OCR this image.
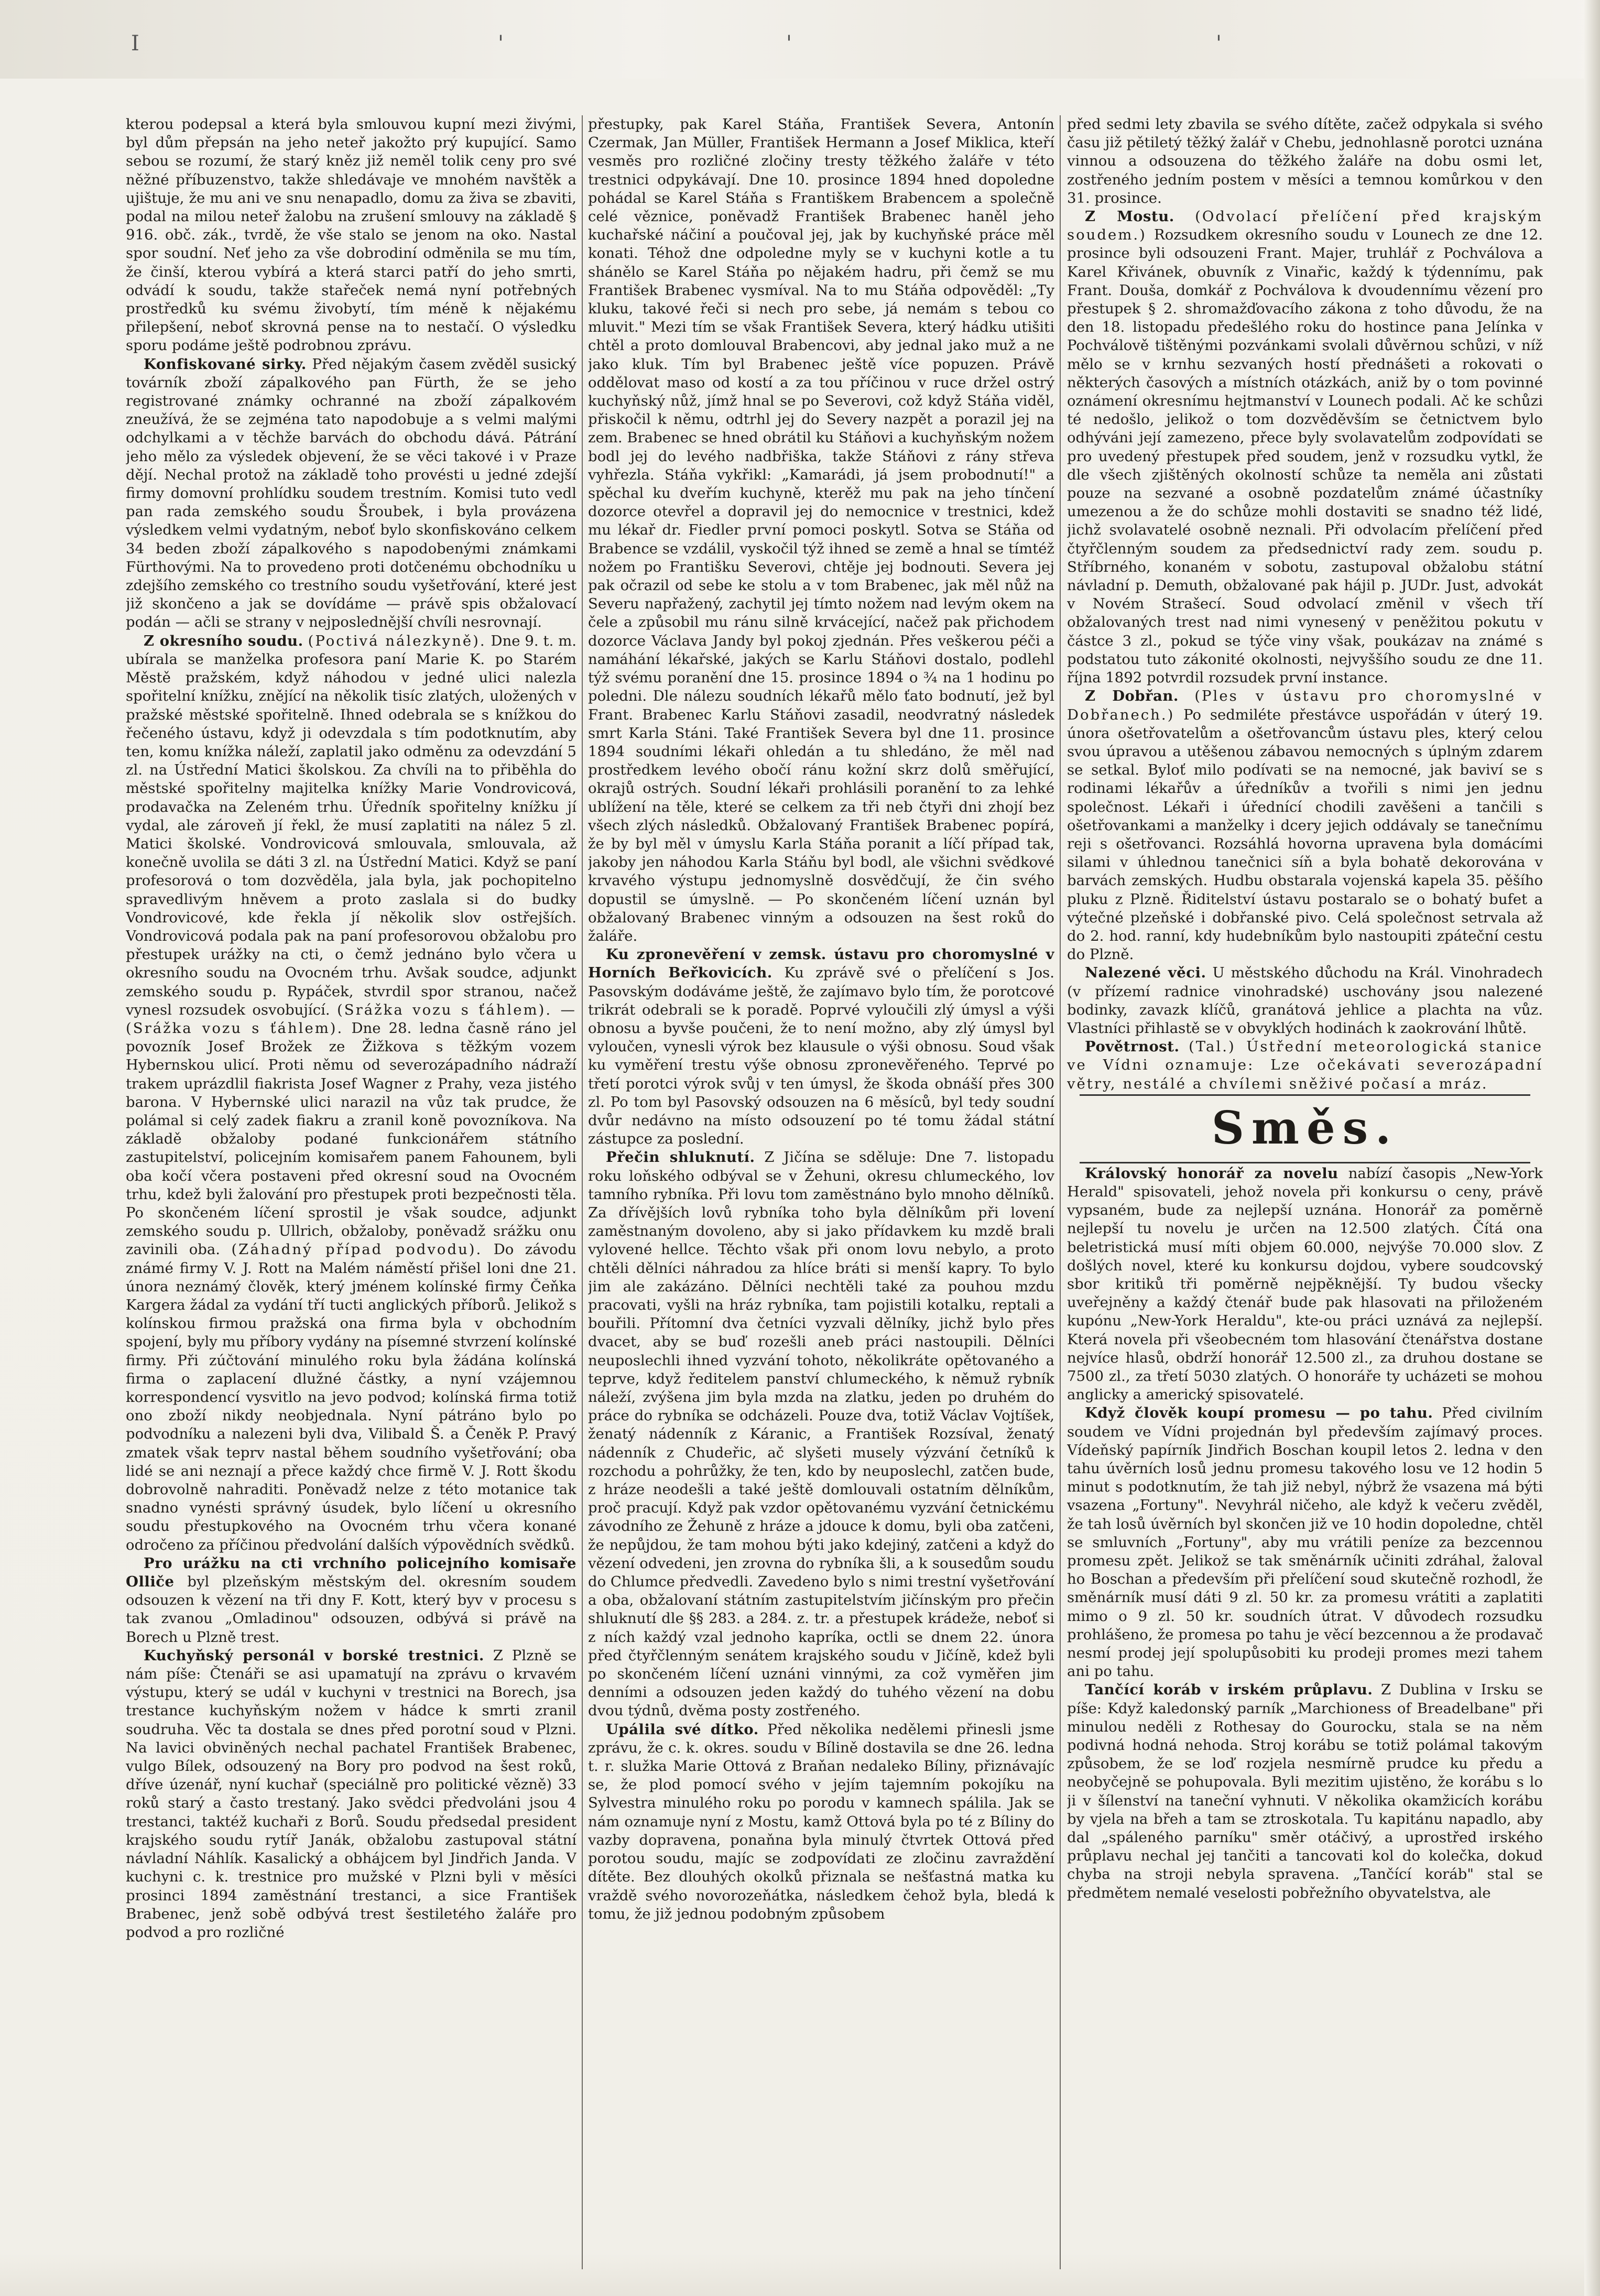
I	'	'	'

kterou podepsal a která byla smlouvou kupní mezi živými, byl dům přepsán na jeho neteř jakožto prý kupující. Samo sebou se rozumí, že starý kněz již neměl tolik ceny pro své něžné příbuzenstvo, takže shledávaje ve mnohém navštěk a ujištuje, že mu ani ve snu nenapadlo, domu za živa se zbaviti, podal na milou neteř žalobu na zrušení smlouvy na základě § 916. obč. zák., tvrdě, že vše stalo se jenom na oko. Nastal spor soudní. Neť jeho za vše dobrodiní odměnila se mu tím, že činší, kterou vybírá a která starci patří do jeho smrti, odvádí k soudu, takže stařeček nemá nyní potřebných prostředků ku svému živobytí, tím méně k nějakému přilepšení, neboť skrovná pense na to nestačí. O výsledku sporu podáme ještě podrobnou zprávu.

Konfiskované sirky. Před nějakým časem zvěděl susický továrník zboží zápalkového pan Fürth, že se jeho registrované známky ochranné na zboží zápalkovém zneužívá, že se zejména tato napodobuje a s velmi malými odchylkami a v těchže barvách do obchodu dává. Pátrání jeho mělo za výsledek objevení, že se věci takové i v Praze dějí. Nechal protož na základě toho provésti u jedné zdejší firmy domovní prohlídku soudem trestním. Komisi tuto vedl pan rada zemského soudu Šroubek, i byla provázena výsledkem velmi vydatným, neboť bylo skonfiskováno celkem 34 beden zboží zápalkového s napodobenými známkami Fürthovými. Na to provedeno proti dotčenému obchodníku u zdejšího zemského co trestního soudu vyšetřování, které jest již skončeno a jak se dovídáme — právě spis obžalovací podán — ačli se strany v nejposlednější chvíli nesrovnají.

Z okresního soudu. (Poctivá nálezkyně). Dne 9. t. m. ubírala se manželka profesora paní Marie K. po Starém Městě pražském, když náhodou v jedné ulici nalezla spořitelní knížku, znějící na několik tisíc zlatých, uložených v pražské městské spořitelně. Ihned odebrala se s knížkou do řečeného ústavu, když ji odevzdala s tím podotknutím, aby ten, komu knížka náleží, zaplatil jako odměnu za odevzdání 5 zl. na Ústřední Matici školskou. Za chvíli na to přiběhla do městské spořitelny majitelka knížky Marie Vondrovicová, prodavačka na Zeleném trhu. Úředník spořitelny knížku jí vydal, ale zároveň jí řekl, že musí zaplatiti na nález 5 zl. Matici školské. Vondrovicová smlouvala, smlouvala, až konečně uvolila se dáti 3 zl. na Ústřední Matici. Když se paní profesorová o tom dozvěděla, jala byla, jak pochopitelno spravedlivým hněvem a proto zaslala si do budky Vondrovicové, kde řekla jí několik slov ostřejších. Vondrovicová podala pak na paní profesorovou obžalobu pro přestupek urážky na cti, o čemž jednáno bylo včera u okresního soudu na Ovocném trhu. Avšak soudce, adjunkt zemského soudu p. Rypáček, stvrdil spor stranou, načež vynesl rozsudek osvobující. (Srážka vozu s ťáhlem). — (Srážka vozu s ťáhlem). Dne 28. ledna časně ráno jel povozník Josef Brožek ze Žižkova s těžkým vozem Hybernskou ulicí. Proti němu od severozápadního nádraží trakem uprázdlil fiakrista Josef Wagner z Prahy, veza jistého barona. V Hybernské ulici narazil na vůz tak prudce, že polámal si celý zadek fiakru a zranil koně povozníkova. Na základě obžaloby podané funkcionářem státního zastupitelství, policejním komisařem panem Fahounem, byli oba kočí včera postaveni před okresní soud na Ovocném trhu, kdež byli žalování pro přestupek proti bezpečnosti těla. Po skončeném líčení sprostil je však soudce, adjunkt zemského soudu p. Ullrich, obžaloby, poněvadž srážku onu zavinili oba. (Záhadný případ podvodu). Do závodu známé firmy V. J. Rott na Malém náměstí přišel loni dne 21. února neznámý člověk, který jménem kolínské firmy Čeňka Kargera žádal za vydání tří tucti anglických příborů. Jelikož s kolínskou firmou pražská ona firma byla v obchodním spojení, byly mu příbory vydány na písemné stvrzení kolínské firmy. Při zúčtování minulého roku byla žádána kolínská firma o zaplacení dlužné částky, a nyní vzájemnou korrespondencí vysvitlo na jevo podvod; kolínská firma totiž ono zboží nikdy neobjednala. Nyní pátráno bylo po podvodníku a nalezeni byli dva, Vilibald Š. a Čeněk P. Pravý zmatek však teprv nastal během soudního vyšetřování; oba lidé se ani neznají a přece každý chce firmě V. J. Rott škodu dobrovolně nahraditi. Poněvadž nelze z této motanice tak snadno vynésti správný úsudek, bylo líčení u okresního soudu přestupkového na Ovocném trhu včera konané odročeno za příčinou předvolání dalších výpovědních svědků.

Pro urážku na cti vrchního policejního komisaře Olliče byl plzeňským městským del. okresním soudem odsouzen k vězení na tři dny F. Kott, který byv v procesu s tak zvanou „Omladinou" odsouzen, odbývá si právě na Borech u Plzně trest.

Kuchyňský personál v borské trestnici. Z Plzně se nám píše: Čtenáři se asi upamatují na zprávu o krvavém výstupu, který se udál v kuchyni v trestnici na Borech, jsa trestance kuchyňským nožem v hádce k smrti zranil soudruha. Věc ta dostala se dnes před porotní soud v Plzni. Na lavici obviněných nechal pachatel František Brabenec, vulgo Bílek, odsouzený na Bory pro podvod na šest roků, dříve úzenář, nyní kuchař (speciálně pro politické vězně) 33 roků starý a často trestaný. Jako svědci předvoláni jsou 4 trestanci, taktéž kuchaři z Borů. Soudu předsedal president krajského soudu rytíř Janák, obžalobu zastupoval státní návladní Náhlík. Kasalický a obhájcem byl Jindřich Janda. V kuchyni c. k. trestnice pro mužské v Plzni byli v měsíci prosinci 1894 zaměstnání trestanci, a sice František Brabenec, jenž sobě odbývá trest šestiletého žaláře pro podvod a pro rozličné

přestupky, pak Karel Stáňa, František Severa, Antonín Czermak, Jan Müller, František Hermann a Josef Miklica, kteří vesměs pro rozličné zločiny tresty těžkého žaláře v této trestnici odpykávají. Dne 10. prosince 1894 hned dopoledne pohádal se Karel Stáňa s Františkem Brabencem a společně celé věznice, poněvadž František Brabenec haněl jeho kuchařské náčiní a poučoval jej, jak by kuchyňské práce měl konati. Téhož dne odpoledne myly se v kuchyni kotle a tu shánělo se Karel Stáňa po nějakém hadru, při čemž se mu František Brabenec vysmíval. Na to mu Stáňa odpověděl: „Ty kluku, takové řeči si nech pro sebe, já nemám s tebou co mluvit." Mezi tím se však František Severa, který hádku utišiti chtěl a proto domlouval Brabencovi, aby jednal jako muž a ne jako kluk. Tím byl Brabenec ještě více popuzen. Právě oddělovat maso od kostí a za tou příčinou v ruce držel ostrý kuchyňský nůž, jímž hnal se po Severovi, což když Stáňa viděl, přiskočil k němu, odtrhl jej do Severy nazpět a porazil jej na zem. Brabenec se hned obrátil ku Stáňovi a kuchyňským nožem bodl jej do levého nadbřiška, takže Stáňovi z rány střeva vyhřezla. Stáňa vykřikl: „Kamarádi, já jsem probodnutí!" a spěchal ku dveřím kuchyně, kterěž mu pak na jeho tínčení dozorce otevřel a dopravil jej do nemocnice v trestnici, kdež mu lékař dr. Fiedler první pomoci poskytl. Sotva se Stáňa od Brabence se vzdálil, vyskočil týž ihned se země a hnal se tímtéž nožem po Františku Severovi, chtěje jej bodnouti. Severa jej pak očrazil od sebe ke stolu a v tom Brabenec, jak měl nůž na Severu napřažený, zachytil jej tímto nožem nad levým okem na čele a způsobil mu ránu silně krvácející, načež pak přichodem dozorce Václava Jandy byl pokoj zjednán. Přes veškerou péči a namáhání lékařské, jakých se Karlu Stáňovi dostalo, podlehl týž svému poranění dne 15. prosince 1894 o ¾ na 1 hodinu po poledni. Dle nálezu soudních lékařů mělo ťato bodnutí, jež byl Frant. Brabenec Karlu Stáňovi zasadil, neodvratný následek smrt Karla Stáni. Také František Severa byl dne 11. prosince 1894 soudními lékaři ohledán a tu shledáno, že měl nad prostředkem levého obočí ránu kožní skrz dolů směřující, okrajů ostrých. Soudní lékaři prohlásili poranění to za lehké ublížení na těle, které se celkem za tři neb čtyři dni zhojí bez všech zlých následků. Obžalovaný František Brabenec popírá, že by byl měl v úmyslu Karla Stáňa poranit a líčí případ tak, jakoby jen náhodou Karla Stáňu byl bodl, ale všichni svědkové krvavého výstupu jednomyslně dosvědčují, že čin svého dopustil se úmyslně. — Po skončeném líčení uznán byl obžalovaný Brabenec vinným a odsouzen na šest roků do žaláře.

Ku zpronevěření v zemsk. ústavu pro choromyslné v Horních Beřkovicích. Ku zprávě své o přelíčení s Jos. Pasovským dodáváme ještě, že zajímavo bylo tím, že porotcové trikrát odebrali se k poradě. Poprvé vyloučili zlý úmysl a výši obnosu a byvše poučeni, že to není možno, aby zlý úmysl byl vyloučen, vynesli výrok bez klausule o výši obnosu. Soud však ku vyměření trestu výše obnosu zpronevěřeného. Teprvé po třetí porotci výrok svůj v ten úmysl, že škoda obnáší přes 300 zl. Po tom byl Pasovský odsouzen na 6 měsíců, byl tedy soudní dvůr nedávno na místo odsouzení po té tomu žádal státní zástupce za poslední.

Přečin shluknutí. Z Jičína se sděluje: Dne 7. listopadu roku loňského odbýval se v Žehuni, okresu chlumeckého, lov tamního rybníka. Při lovu tom zaměstnáno bylo mnoho dělníků. Za dřívějších lovů rybníka toho byla dělníkům při lovení zaměstnaným dovoleno, aby si jako přídavkem ku mzdě brali vylovené hellce. Těchto však při onom lovu nebylo, a proto chtěli dělníci náhradou za hlíce bráti si menší kapry. To bylo jim ale zakázáno. Dělníci nechtěli také za pouhou mzdu pracovati, vyšli na hráz rybníka, tam pojistili kotalku, reptali a bouřili. Přítomní dva četníci vyzvali dělníky, jichž bylo přes dvacet, aby se buď rozešli aneb práci nastoupili. Dělníci neuposlechli ihned vyzvání tohoto, několikráte opětovaného a teprve, když ředitelem panství chlumeckého, k němuž rybník náleží, zvýšena jim byla mzda na zlatku, jeden po druhém do práce do rybníka se odcházeli. Pouze dva, totiž Václav Vojtíšek, ženatý nádenník z Káranic, a František Rozsíval, ženatý nádenník z Chudeřic, ač slyšeti musely výzvání četníků k rozchodu a pohrůžky, že ten, kdo by neuposlechl, zatčen bude, z hráze neodešli a také ještě domlouvali ostatním dělníkům, proč pracují. Když pak vzdor opětovanému vyzvání četnickému závodního ze Žehuně z hráze a jdouce k domu, byli oba zatčeni, že nepůjdou, že tam mohou býti jako kdejiný, zatčeni a když do vězení odvedeni, jen zrovna do rybníka šli, a k sousedům soudu do Chlumce předvedli. Zavedeno bylo s nimi trestní vyšetřování a oba, obžalovaní státním zastupitelstvím jičínským pro přečin shluknutí dle §§ 283. a 284. z. tr. a přestupek krádeže, neboť si z ních každý vzal jednoho kapríka, octli se dnem 22. února před čtyřčlenným senátem krajského soudu v Jičíně, kdež byli po skončeném líčení uznáni vinnými, za což vyměřen jim denními a odsouzen jeden každý do tuhého vězení na dobu dvou týdnů, dvěma posty zostřeného.

Upálila své dítko. Před několika nedělemi přinesli jsme zprávu, že c. k. okres. soudu v Bílině dostavila se dne 26. ledna t. r. služka Marie Ottová z Braňan nedaleko Bíliny, přiznávajíc se, že plod pomocí svého v jejím tajemním pokojíku na Sylvestra minulého roku po porodu v kamnech spálila. Jak se nám oznamuje nyní z Mostu, kamž Ottová byla po té z Bíliny do vazby dopravena, ponaňna byla minulý čtvrtek Ottová před porotou soudu, majíc se zodpovídati ze zločinu zavraždění dítěte. Bez dlouhých okolků přiznala se nešťastná matka ku vraždě svého novorozeňátka, následkem čehož byla, bledá k tomu, že již jednou podobným způsobem

před sedmi lety zbavila se svého dítěte, začež odpykala si svého času již pětiletý těžký žalář v Chebu, jednohlasně porotci uznána vinnou a odsouzena do těžkého žaláře na dobu osmi let, zostřeného jedním postem v měsíci a temnou komůrkou v den 31. prosince.

Z Mostu. (Odvolací přelíčení před krajským soudem.) Rozsudkem okresního soudu v Lounech ze dne 12. prosince byli odsouzeni Frant. Majer, truhlář z Pochválova a Karel Křivánek, obuvník z Vinařic, každý k týdennímu, pak Frant. Douša, domkář z Pochválova k dvoudennímu vězení pro přestupek § 2. shromažďovacího zákona z toho důvodu, že na den 18. listopadu předešlého roku do hostince pana Jelínka v Pochválově tištěnými pozvánkami svolali důvěrnou schůzi, v níž mělo se v krnhu sezvaných hostí přednášeti a rokovati o některých časových a místních otázkách, aniž by o tom povinné oznámení okresnímu hejtmanství v Lounech podali. Ač ke schůzi té nedošlo, jelikož o tom dozvěděvším se četnictvem bylo odhýváni její zamezeno, přece byly svolavatelům zodpovídati se pro uvedený přestupek před soudem, jenž v rozsudku vytkl, že dle všech zjištěných okolností schůze ta neměla ani zůstati pouze na sezvané a osobně pozdatelům známé účastníky umezenou a že do schůze mohli dostaviti se snadno též lidé, jichž svolavatelé osobně neznali. Při odvolacím přelíčení před čtyřčlenným soudem za předsednictví rady zem. soudu p. Stříbrného, konaném v sobotu, zastupoval obžalobu státní návladní p. Demuth, obžalované pak hájil p. JUDr. Just, advokát v Novém Strašecí. Soud odvolací změnil v všech tří obžalovaných trest nad nimi vynesený v peněžitou pokutu v částce 3 zl., pokud se týče viny však, poukázav na známé s podstatou tuto zákonité okolnosti, nejvyššího soudu ze dne 11. října 1892 potvrdil rozsudek první instance.

Z Dobřan. (Ples v ústavu pro choromyslné v Dobřanech.) Po sedmiléte přestávce uspořádán v úterý 19. února ošetřovatelům a ošetřovancům ústavu ples, který celou svou úpravou a utěšenou zábavou nemocných s úplným zdarem se setkal. Byloť milo podívati se na nemocné, jak baviví se s rodinami lékařův a úředníkův a tvořili s nimi jen jednu společnost. Lékaři i úřednící chodili zavěšeni a tančili s ošetřovankami a manželky i dcery jejich oddávaly se tanečnímu reji s ošetřovanci. Rozsáhlá hovorna upravena byla domácími silami v úhlednou tanečnici síň a byla bohatě dekorována v barvách zemských. Hudbu obstarala vojenská kapela 35. pěšího pluku z Plzně. Řiditelství ústavu postaralo se o bohatý bufet a výtečné plzeňské i dobřanské pivo. Celá společnost setrvala až do 2. hod. ranní, kdy hudebníkům bylo nastoupiti zpáteční cestu do Plzně.

Nalezené věci. U městského důchodu na Král. Vinohradech (v přízemí radnice vinohradské) uschovány jsou nalezené bodinky, zavazk klíčů, granátová jehlice a plachta na vůz. Vlastníci přihlastě se v obvyklých hodinách k zaokrování lhůtě.

Povětrnost. (Tal.) Ústřední meteorologická stanice ve Vídni oznamuje: Lze očekávati severozápadní větry, nestálé a chvílemi sněživé počasí a mráz.

Směs.

Královský honorář za novelu nabízí časopis „New-York Herald" spisovateli, jehož novela při konkursu o ceny, právě vypsaném, bude za nejlepší uznána. Honorář za poměrně nejlepší tu novelu je určen na 12.500 zlatých. Čítá ona beletristická musí míti objem 60.000, nejvýše 70.000 slov. Z došlých novel, které ku konkursu dojdou, vybere soudcovský sbor kritiků tři poměrně nejpěknější. Ty budou všecky uveřejněny a každý čtenář bude pak hlasovati na přiloženém kupónu „New-York Heraldu", kte-ou práci uznává za nejlepší. Která novela při všeobecném tom hlasování čtenářstva dostane nejvíce hlasů, obdrží honorář 12.500 zl., za druhou dostane se 7500 zl., za třetí 5030 zlatých. O honoráře ty ucházeti se mohou anglicky a americký spisovatelé.

Když člověk koupí promesu — po tahu. Před civilním soudem ve Vídni projednán byl především zajímavý proces. Vídeňský papírník Jindřich Boschan koupil letos 2. ledna v den tahu úvěrních losů jednu promesu takového losu ve 12 hodin 5 minut s podotknutím, že tah již nebyl, nýbrž že vsazena má býti vsazena „Fortuny". Nevyhrál ničeho, ale když k večeru zvěděl, že tah losů úvěrních byl skončen již ve 10 hodin dopoledne, chtěl se smluvních „Fortuny", aby mu vrátili peníze za bezcennou promesu zpět. Jelikož se tak směnárník učiniti zdráhal, žaloval ho Boschan a především při přelíčení soud skutečně rozhodl, že směnárník musí dáti 9 zl. 50 kr. za promesu vrátiti a zaplatiti mimo o 9 zl. 50 kr. soudních útrat. V důvodech rozsudku prohlášeno, že promesa po tahu je věcí bezcennou a že prodavač nesmí prodej její spolupůsobiti ku prodeji promes mezi tahem ani po tahu.

Tančící koráb v irském průplavu. Z Dublina v Irsku se píše: Když kaledonský parník „Marchioness of Breadelbane" při minulou neděli z Rothesay do Gourocku, stala se na něm podivná hodná nehoda. Stroj korábu se totiž polámal takovým způsobem, že se loď rozjela nesmírně prudce ku předu a neobyčejně se pohupovala. Byli mezitim ujistěno, že korábu s lo ji v šílenství na taneční vyhnuti. V několika okamžicích korábu by vjela na břeh a tam se ztroskotala. Tu kapitánu napadlo, aby dal „spáleného parníku" směr otáčivý, a uprostřed irského průplavu nechal jej tančiti a tancovati kol do kolečka, dokud chyba na stroji nebyla spravena. „Tančící koráb" stal se předmětem nemalé veselosti pobřežního obyvatelstva, ale
